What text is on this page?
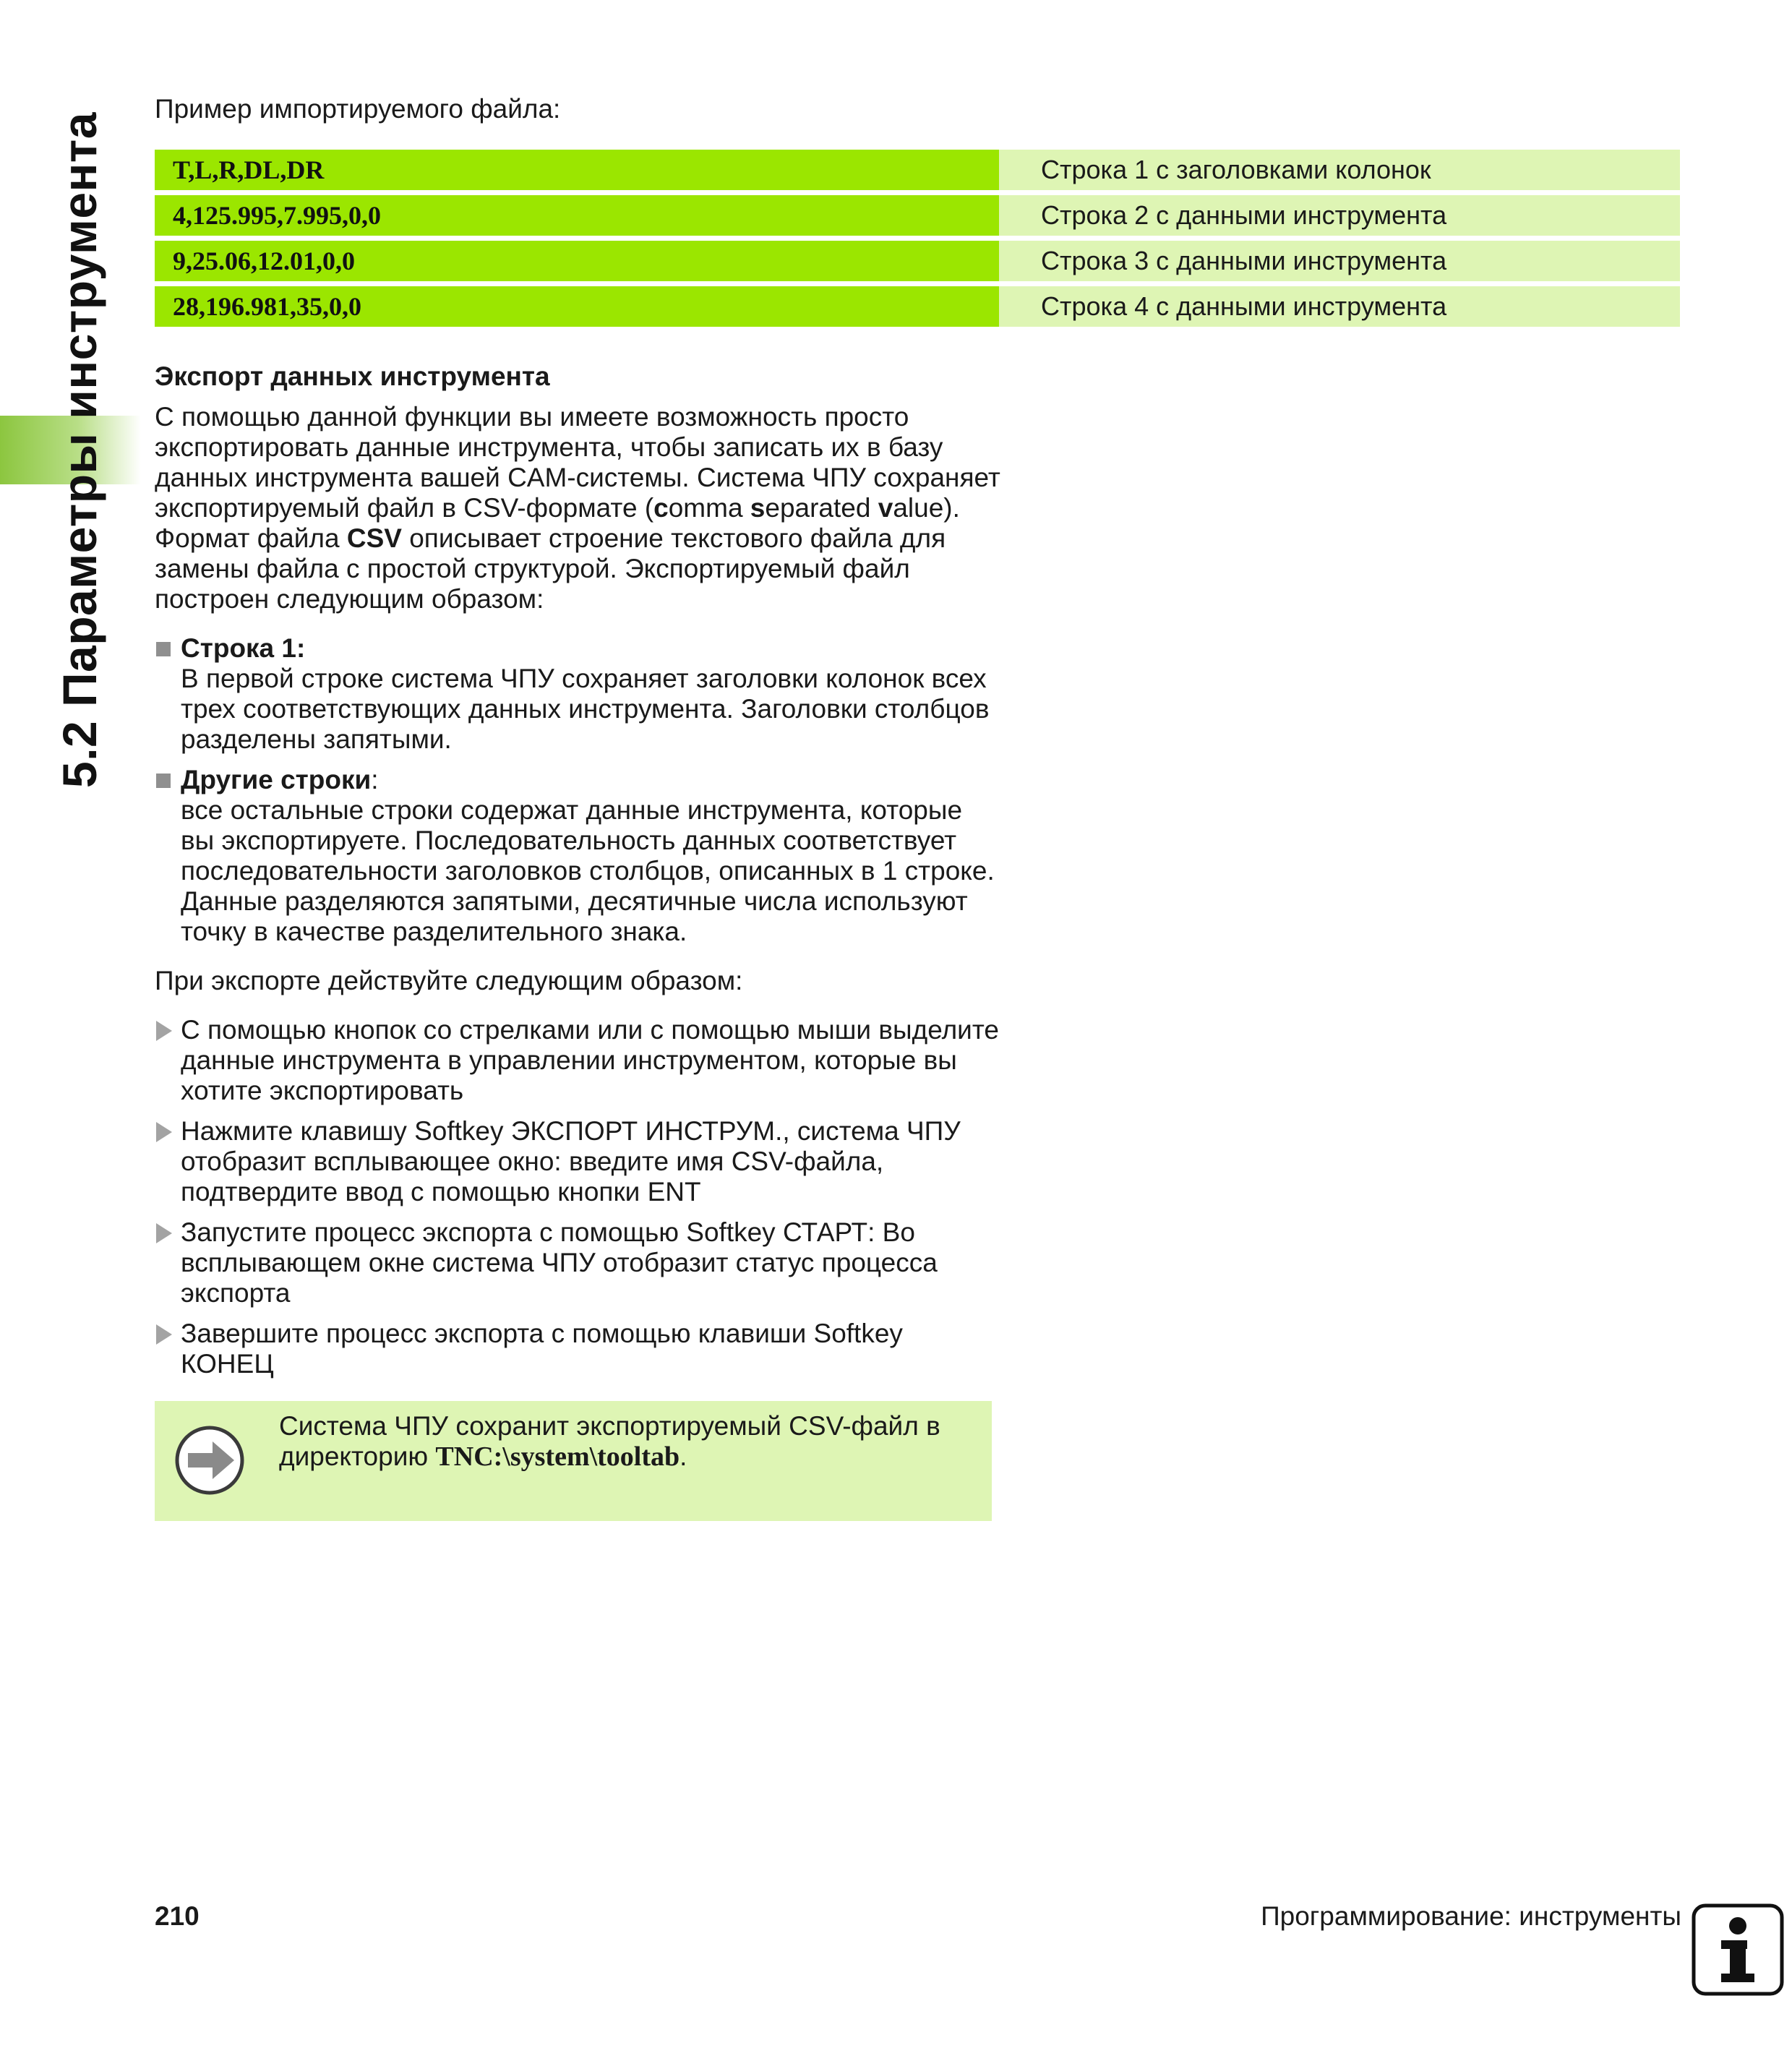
5.2 Параметры инструмента
Пример импортируемого файла:
T,L,R,DL,DR	Строка 1 с заголовками колонок
4,125.995,7.995,0,0	Строка 2 с данными инструмента
9,25.06,12.01,0,0	Строка 3 с данными инструмента
28,196.981,35,0,0	Строка 4 с данными инструмента

Экспорт данных инструмента

С помощью данной функции вы имеете возможность просто экспортировать данные инструмента, чтобы записать их в базу данных инструмента вашей CAM-системы. Система ЧПУ сохраняет экспортируемый файл в CSV-формате (comma separated value). Формат файла CSV описывает строение текстового файла для замены файла с простой структурой. Экспортируемый файл построен следующим образом:

Строка 1:
В первой строке система ЧПУ сохраняет заголовки колонок всех трех соответствующих данных инструмента. Заголовки столбцов разделены запятыми.
Другие строки:
все остальные строки содержат данные инструмента, которые вы экспортируете. Последовательность данных соответствует последовательности заголовков столбцов, описанных в 1 строке. Данные разделяются запятыми, десятичные числа используют точку в качестве разделительного знака.

При экспорте действуйте следующим образом:

С помощью кнопок со стрелками или с помощью мыши выделите данные инструмента в управлении инструментом, которые вы хотите экспортировать
Нажмите клавишу Softkey ЭКСПОРТ ИНСТРУМ., система ЧПУ отобразит всплывающее окно: введите имя CSV-файла, подтвердите ввод с помощью кнопки ENT
Запустите процесс экспорта с помощью Softkey СТАРТ: Во всплывающем окне система ЧПУ отобразит статус процесса экспорта
Завершите процесс экспорта с помощью клавиши Softkey КОНЕЦ
Система ЧПУ сохранит экспортируемый CSV-файл в директорию TNC:\system\tooltab.
210	Программирование: инструменты
